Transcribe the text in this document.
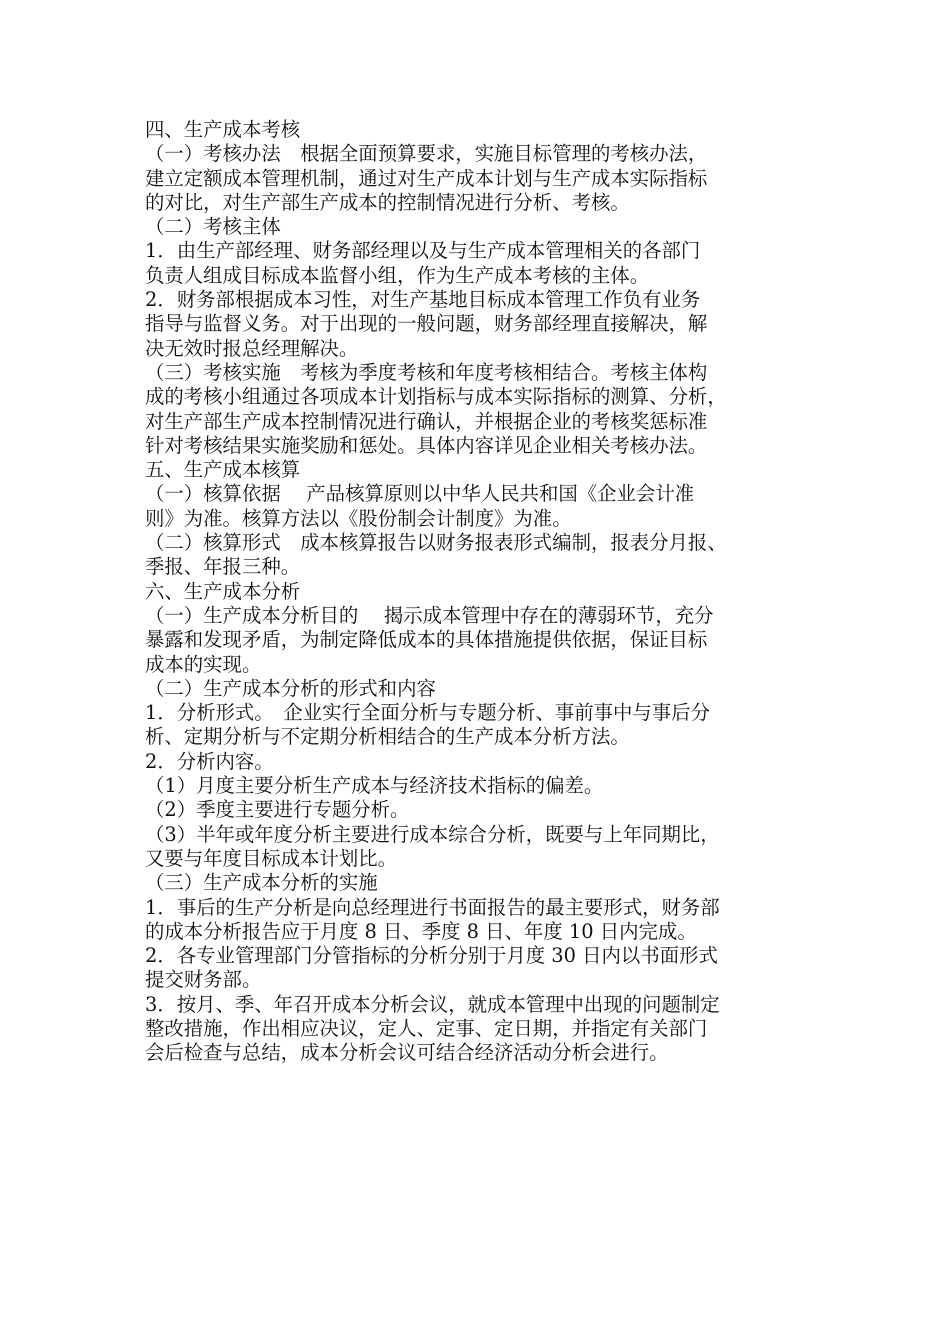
四、生产成本考核
（一）考核办法　根据全面预算要求，实施目标管理的考核办法，
建立定额成本管理机制，通过对生产成本计划与生产成本实际指标
的对比，对生产部生产成本的控制情况进行分析、考核。
（二）考核主体
1．由生产部经理、财务部经理以及与生产成本管理相关的各部门
负责人组成目标成本监督小组，作为生产成本考核的主体。
2．财务部根据成本习性，对生产基地目标成本管理工作负有业务
指导与监督义务。对于出现的一般问题，财务部经理直接解决，解
决无效时报总经理解决。
（三）考核实施　考核为季度考核和年度考核相结合。考核主体构
成的考核小组通过各项成本计划指标与成本实际指标的测算、分析，
对生产部生产成本控制情况进行确认，并根据企业的考核奖惩标准
针对考核结果实施奖励和惩处。具体内容详见企业相关考核办法。
五、生产成本核算
（一）核算依据　 产品核算原则以中华人民共和国《企业会计准
则》为准。核算方法以《股份制会计制度》为准。
（二）核算形式　成本核算报告以财务报表形式编制，报表分月报、
季报、年报三种。
六、生产成本分析
（一）生产成本分析目的　 揭示成本管理中存在的薄弱环节，充分
暴露和发现矛盾，为制定降低成本的具体措施提供依据，保证目标
成本的实现。
（二）生产成本分析的形式和内容
1．分析形式。　企业实行全面分析与专题分析、事前事中与事后分
析、定期分析与不定期分析相结合的生产成本分析方法。
2．分析内容。
（1）月度主要分析生产成本与经济技术指标的偏差。
（2）季度主要进行专题分析。
（3）半年或年度分析主要进行成本综合分析，既要与上年同期比，
又要与年度目标成本计划比。
（三）生产成本分析的实施
1．事后的生产分析是向总经理进行书面报告的最主要形式，财务部
的成本分析报告应于月度 8 日、季度 8 日、年度 10 日内完成。
2．各专业管理部门分管指标的分析分别于月度 30 日内以书面形式
提交财务部。
3．按月、季、年召开成本分析会议，就成本管理中出现的问题制定
整改措施，作出相应决议，定人、定事、定日期，并指定有关部门
会后检查与总结，成本分析会议可结合经济活动分析会进行。
